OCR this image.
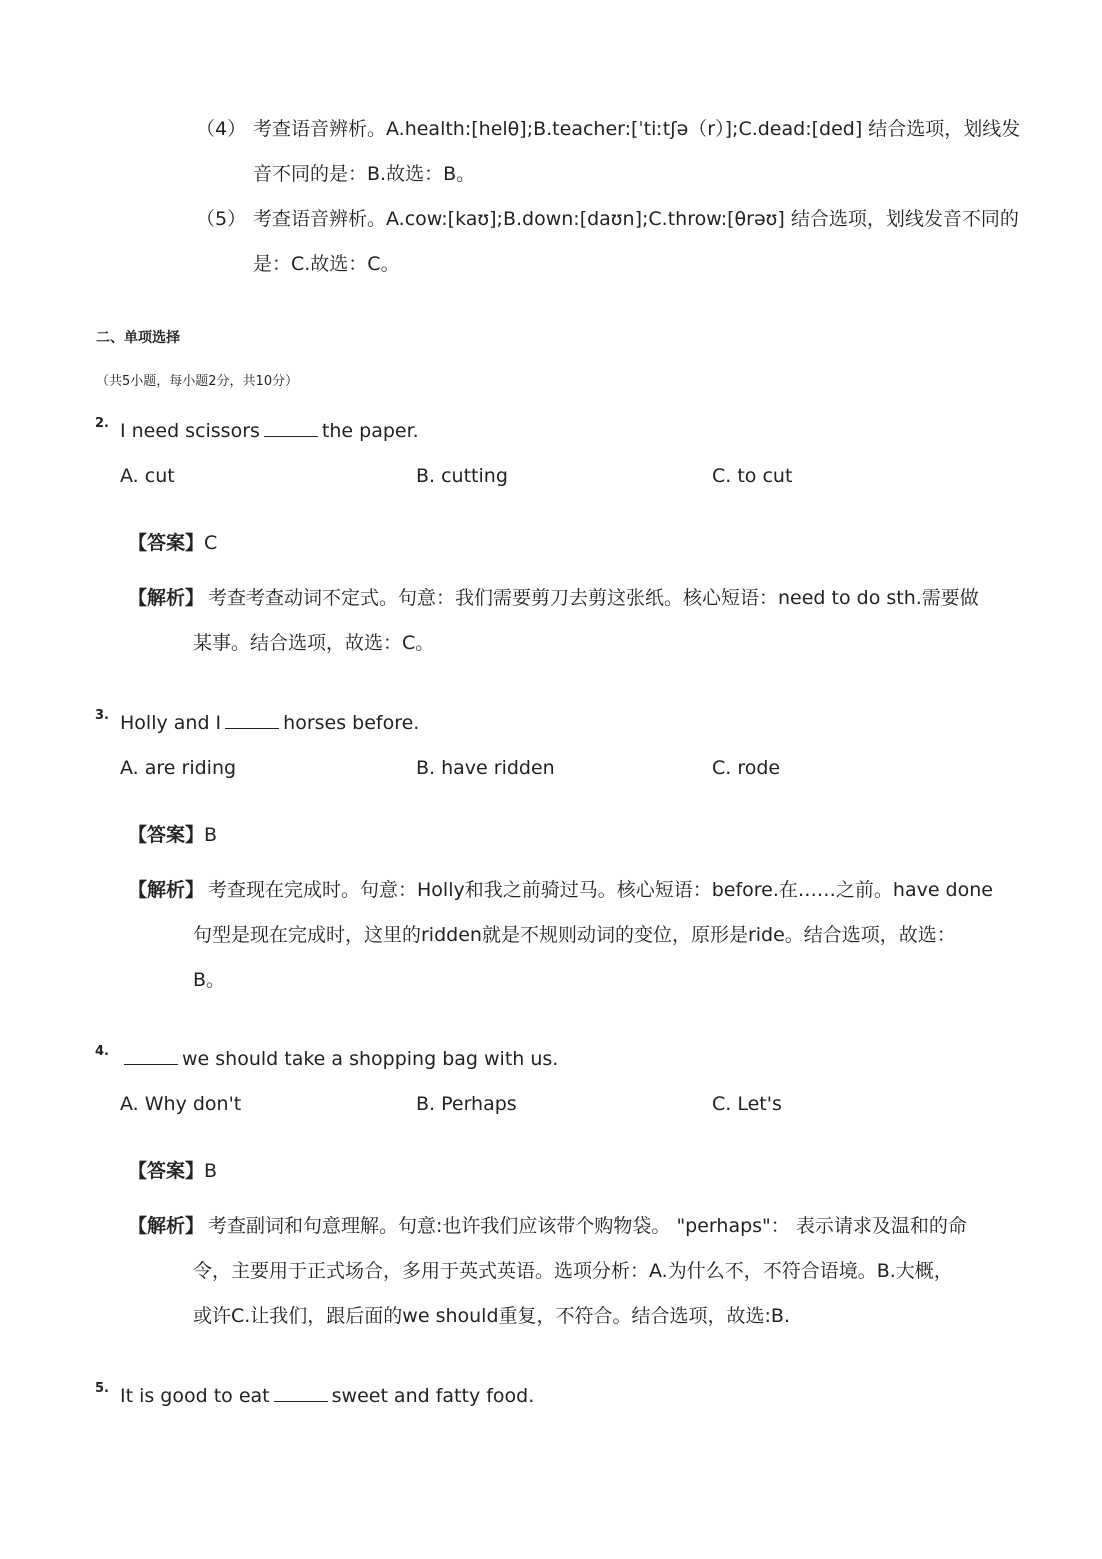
（4） 考查语音辨析。A.health:[helθ];B.teacher:[ˈtiːtʃə（r）];C.dead:[ded] 结合选项，划线发
音不同的是：B.故选：B。
（5） 考查语音辨析。A.cow:[kaʊ];B.down:[daʊn];C.throw:[θrəʊ] 结合选项，划线发音不同的
是：C.故选：C。
二、单项选择
（共5小题，每小题2分，共10分）
2. I need scissors	the paper.
A. cut	B. cutting	C. to cut
【答案】C
【解析】 考查考查动词不定式。句意：我们需要剪刀去剪这张纸。核心短语：need to do sth.需要做
某事。结合选项，故选：C。
3. Holly and I	horses before.
A. are riding	B. have ridden	C. rode
【答案】B
【解析】 考查现在完成时。句意：Holly和我之前骑过马。核心短语：before.在……之前。have done
句型是现在完成时，这里的ridden就是不规则动词的变位，原形是ride。结合选项，故选：
B。
4.	we should take a shopping bag with us.
A. Why don't	B. Perhaps	C. Let's
【答案】B
【解析】 考查副词和句意理解。句意:也许我们应该带个购物袋。 "perhaps"： 表示请求及温和的命
令，主要用于正式场合，多用于英式英语。选项分析：A.为什么不，不符合语境。B.大概，
或许C.让我们，跟后面的we should重复，不符合。结合选项，故选:B.
5. It is good to eat	sweet and fatty food.
